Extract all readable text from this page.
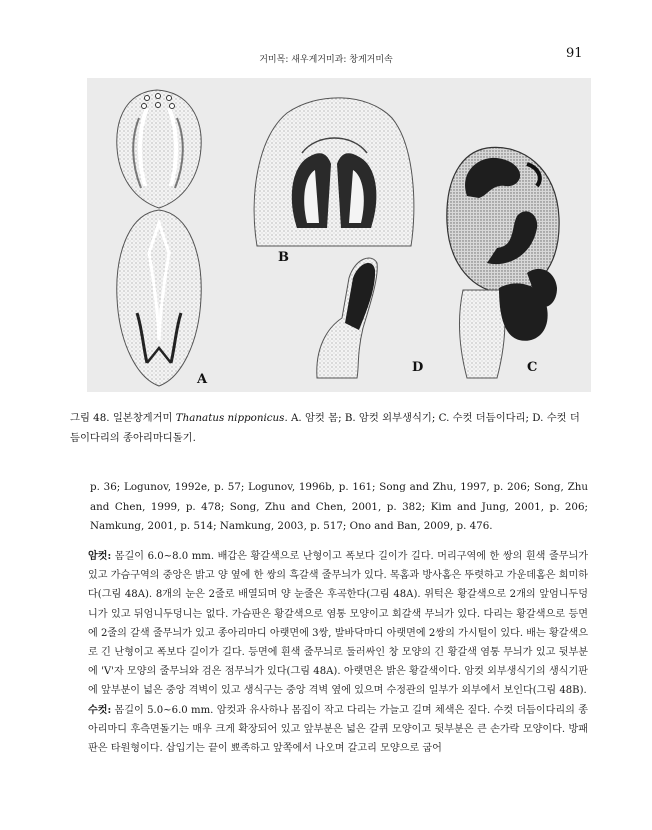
거미목: 새우게거미과: 창게거미속	91
A
B
C
D
그림 48. 일본창게거미 Thanatus nipponicus. A. 암컷 몸; B. 암컷 외부생식기; C. 수컷 더듬이다리; D. 수컷 더듬이다리의 종아리마디돌기.
p. 36; Logunov, 1992e, p. 57; Logunov, 1996b, p. 161; Song and Zhu, 1997, p. 206; Song, Zhu and Chen, 1999, p. 478; Song, Zhu and Chen, 2001, p. 382; Kim and Jung, 2001, p. 206; Namkung, 2001, p. 514; Namkung, 2003, p. 517; Ono and Ban, 2009, p. 476.

암컷: 몸길이 6.0~8.0 mm. 배갑은 황갈색으로 난형이고 폭보다 길이가 길다. 머리구역에 한 쌍의 흰색 줄무늬가 있고 가슴구역의 중앙은 밝고 양 옆에 한 쌍의 흑갈색 줄무늬가 있다. 목홈과 방사홈은 뚜렷하고 가운데홈은 희미하다(그림 48A). 8개의 눈은 2줄로 배열되며 양 눈줄은 후곡한다(그림 48A). 위턱은 황갈색으로 2개의 앞엄니두덩니가 있고 뒤엄니두덩니는 없다. 가슴판은 황갈색으로 염통 모양이고 회갈색 무늬가 있다. 다리는 황갈색으로 등면에 2줄의 갈색 줄무늬가 있고 종아리마디 아랫면에 3쌍, 발바닥마디 아랫면에 2쌍의 가시털이 있다. 배는 황갈색으로 긴 난형이고 폭보다 길이가 길다. 등면에 흰색 줄무늬로 둘러싸인 창 모양의 긴 황갈색 염통 무늬가 있고 뒷부분에 'V'자 모양의 줄무늬와 검은 점무늬가 있다(그림 48A). 아랫면은 밝은 황갈색이다. 암컷 외부생식기의 생식기판에 앞부분이 넓은 중앙 격벽이 있고 생식구는 중앙 격벽 옆에 있으며 수정관의 일부가 외부에서 보인다(그림 48B).

수컷: 몸길이 5.0~6.0 mm. 암컷과 유사하나 몸집이 작고 다리는 가늘고 길며 체색은 짙다. 수컷 더듬이다리의 종아리마디 후측면돌기는 매우 크게 확장되어 있고 앞부분은 넓은 갈퀴 모양이고 뒷부분은 큰 손가락 모양이다. 방패판은 타원형이다. 삽입기는 끝이 뾰족하고 앞쪽에서 나오며 갈고리 모양으로 굽어
